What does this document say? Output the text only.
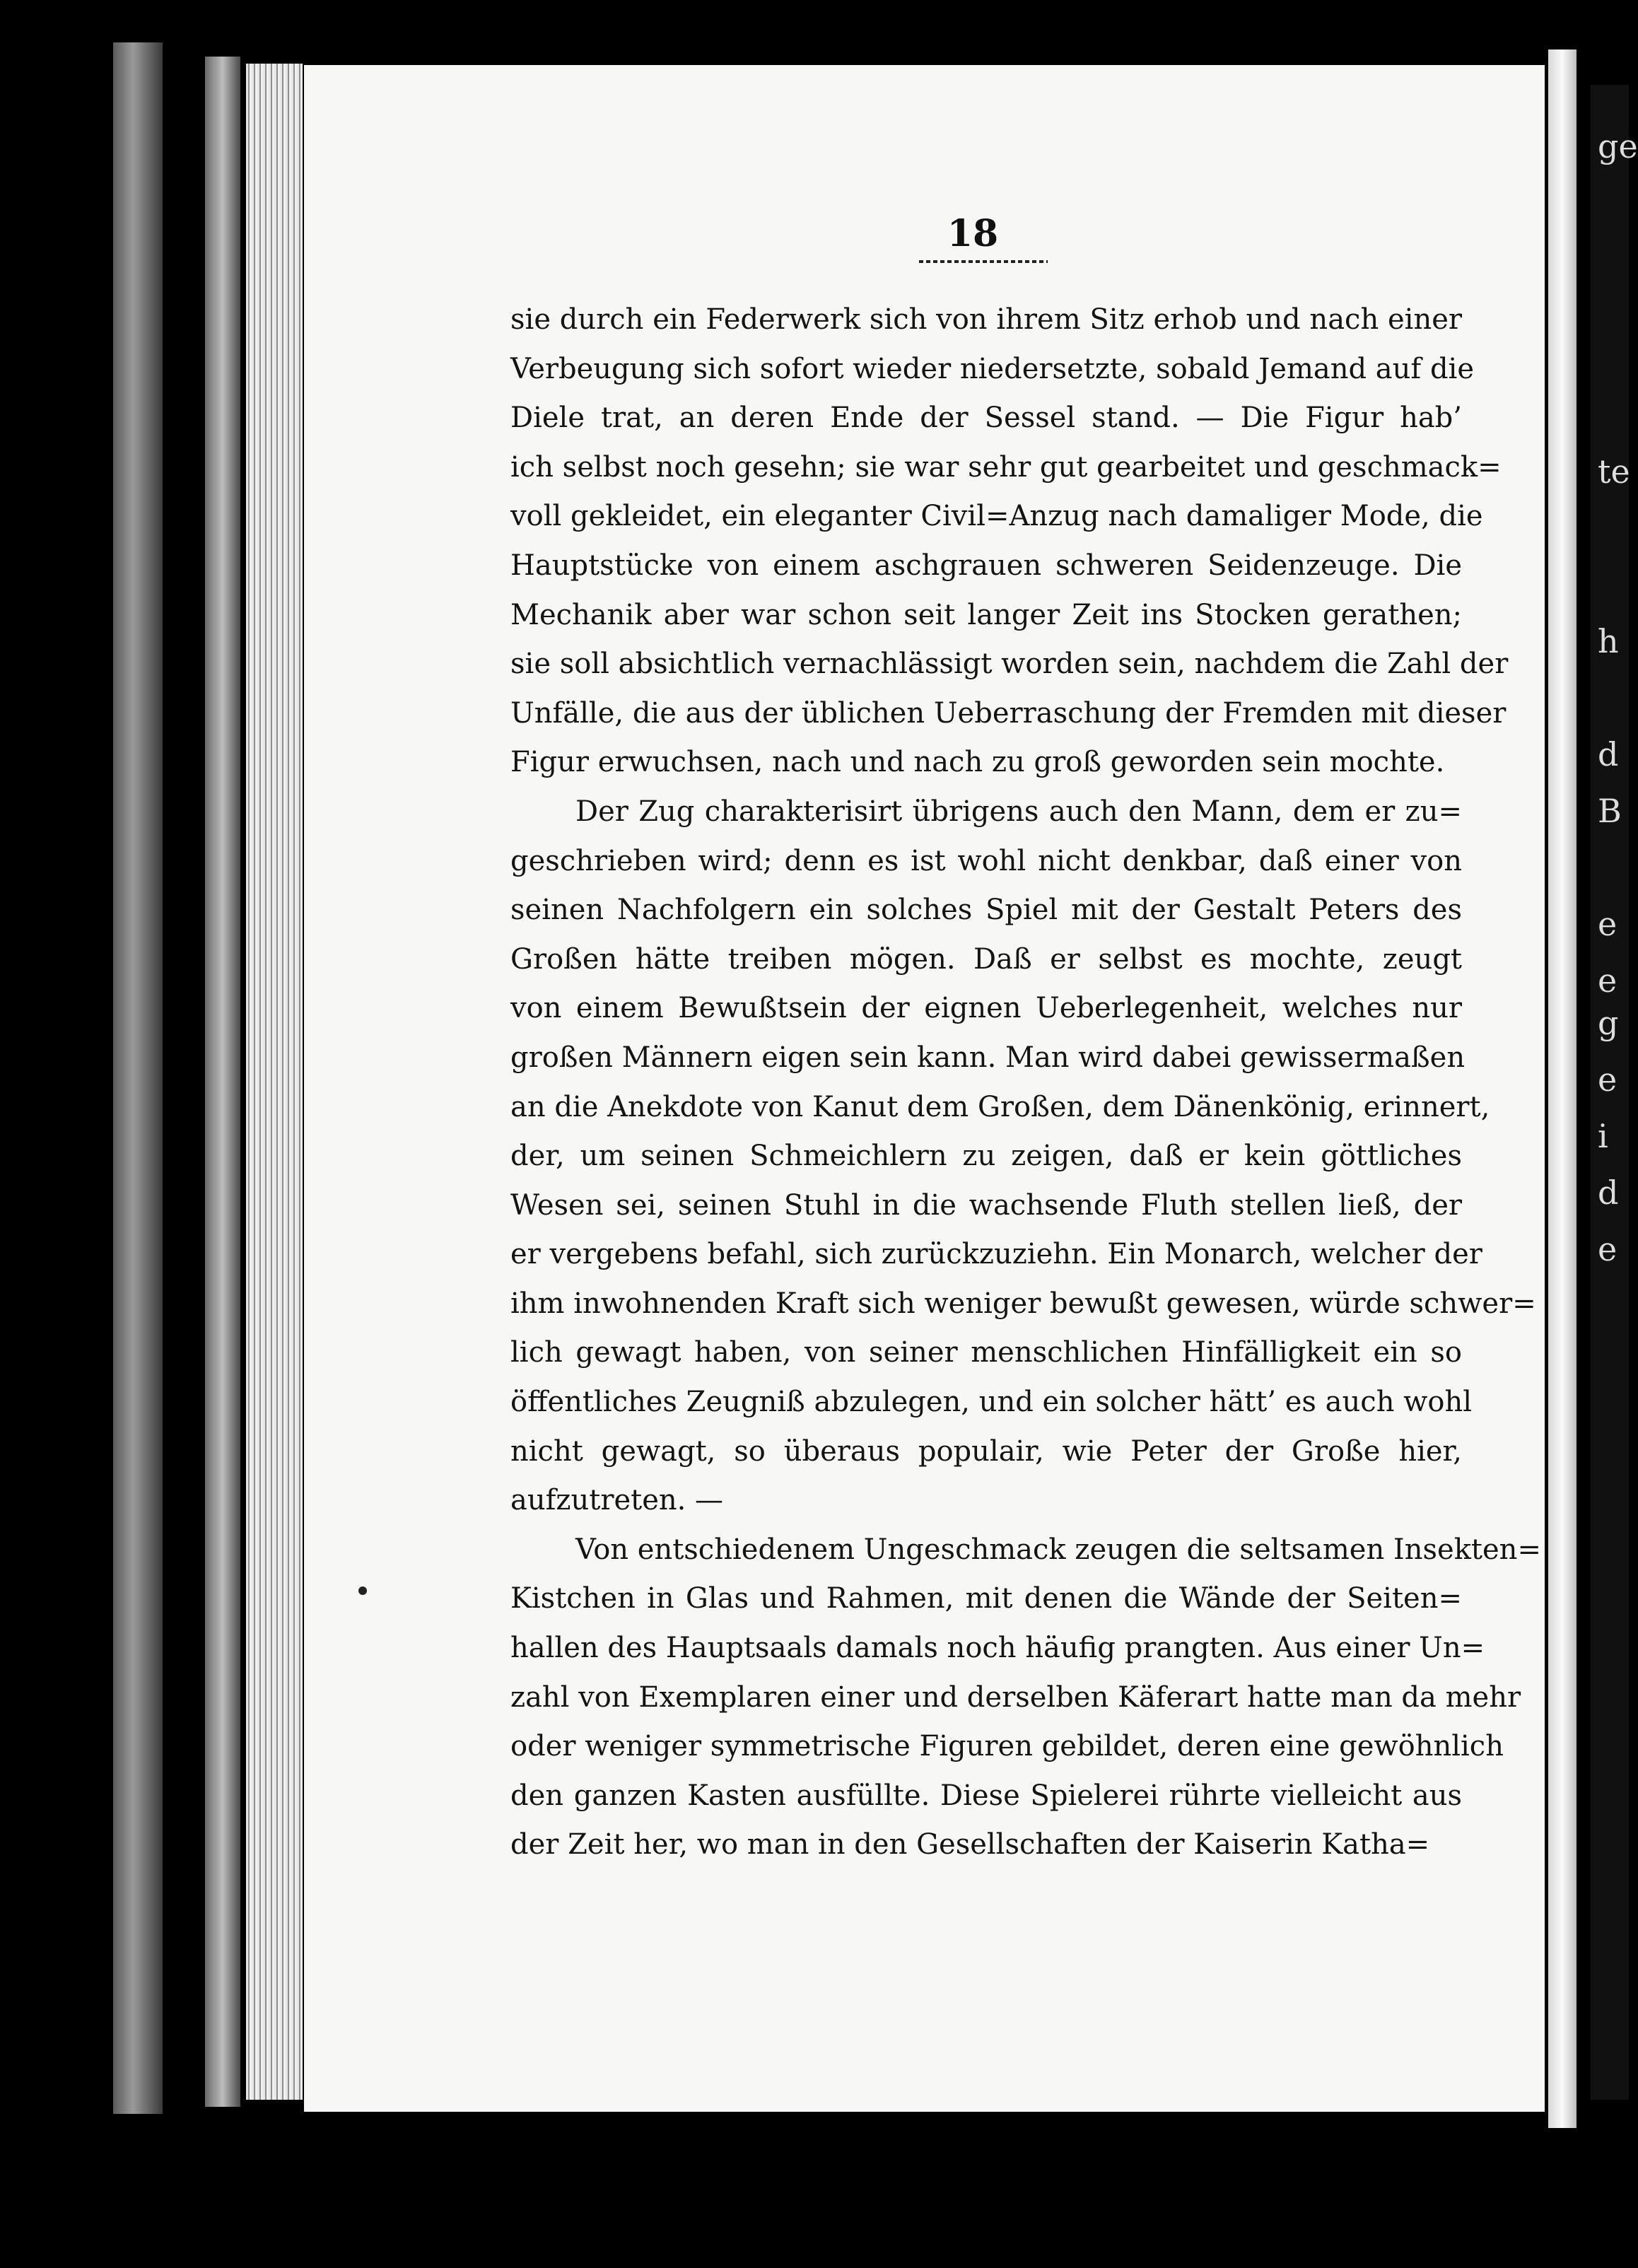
ge
te
h
d
B
e
e
g
e
i
d
e
18

sie durch ein Federwerk sich von ihrem Sitz erhob und nach einer
Verbeugung sich sofort wieder niedersetzte, sobald Jemand auf die
Diele trat, an deren Ende der Sessel stand. — Die Figur hab’
ich selbst noch gesehn; sie war sehr gut gearbeitet und geschmack=
voll gekleidet, ein eleganter Civil=Anzug nach damaliger Mode, die
Hauptstücke von einem aschgrauen schweren Seidenzeuge. Die
Mechanik aber war schon seit langer Zeit ins Stocken gerathen;
sie soll absichtlich vernachlässigt worden sein, nachdem die Zahl der
Unfälle, die aus der üblichen Ueberraschung der Fremden mit dieser
Figur erwuchsen, nach und nach zu groß geworden sein mochte.

Der Zug charakterisirt übrigens auch den Mann, dem er zu=
geschrieben wird; denn es ist wohl nicht denkbar, daß einer von
seinen Nachfolgern ein solches Spiel mit der Gestalt Peters des
Großen hätte treiben mögen. Daß er selbst es mochte, zeugt
von einem Bewußtsein der eignen Ueberlegenheit, welches nur
großen Männern eigen sein kann. Man wird dabei gewissermaßen
an die Anekdote von Kanut dem Großen, dem Dänenkönig, erinnert,
der, um seinen Schmeichlern zu zeigen, daß er kein göttliches
Wesen sei, seinen Stuhl in die wachsende Fluth stellen ließ, der
er vergebens befahl, sich zurückzuziehn. Ein Monarch, welcher der
ihm inwohnenden Kraft sich weniger bewußt gewesen, würde schwer=
lich gewagt haben, von seiner menschlichen Hinfälligkeit ein so
öffentliches Zeugniß abzulegen, und ein solcher hätt’ es auch wohl
nicht gewagt, so überaus populair, wie Peter der Große hier,
aufzutreten. —

Von entschiedenem Ungeschmack zeugen die seltsamen Insekten=
Kistchen in Glas und Rahmen, mit denen die Wände der Seiten=
hallen des Hauptsaals damals noch häufig prangten. Aus einer Un=
zahl von Exemplaren einer und derselben Käferart hatte man da mehr
oder weniger symmetrische Figuren gebildet, deren eine gewöhnlich
den ganzen Kasten ausfüllte. Diese Spielerei rührte vielleicht aus
der Zeit her, wo man in den Gesellschaften der Kaiserin Katha=
